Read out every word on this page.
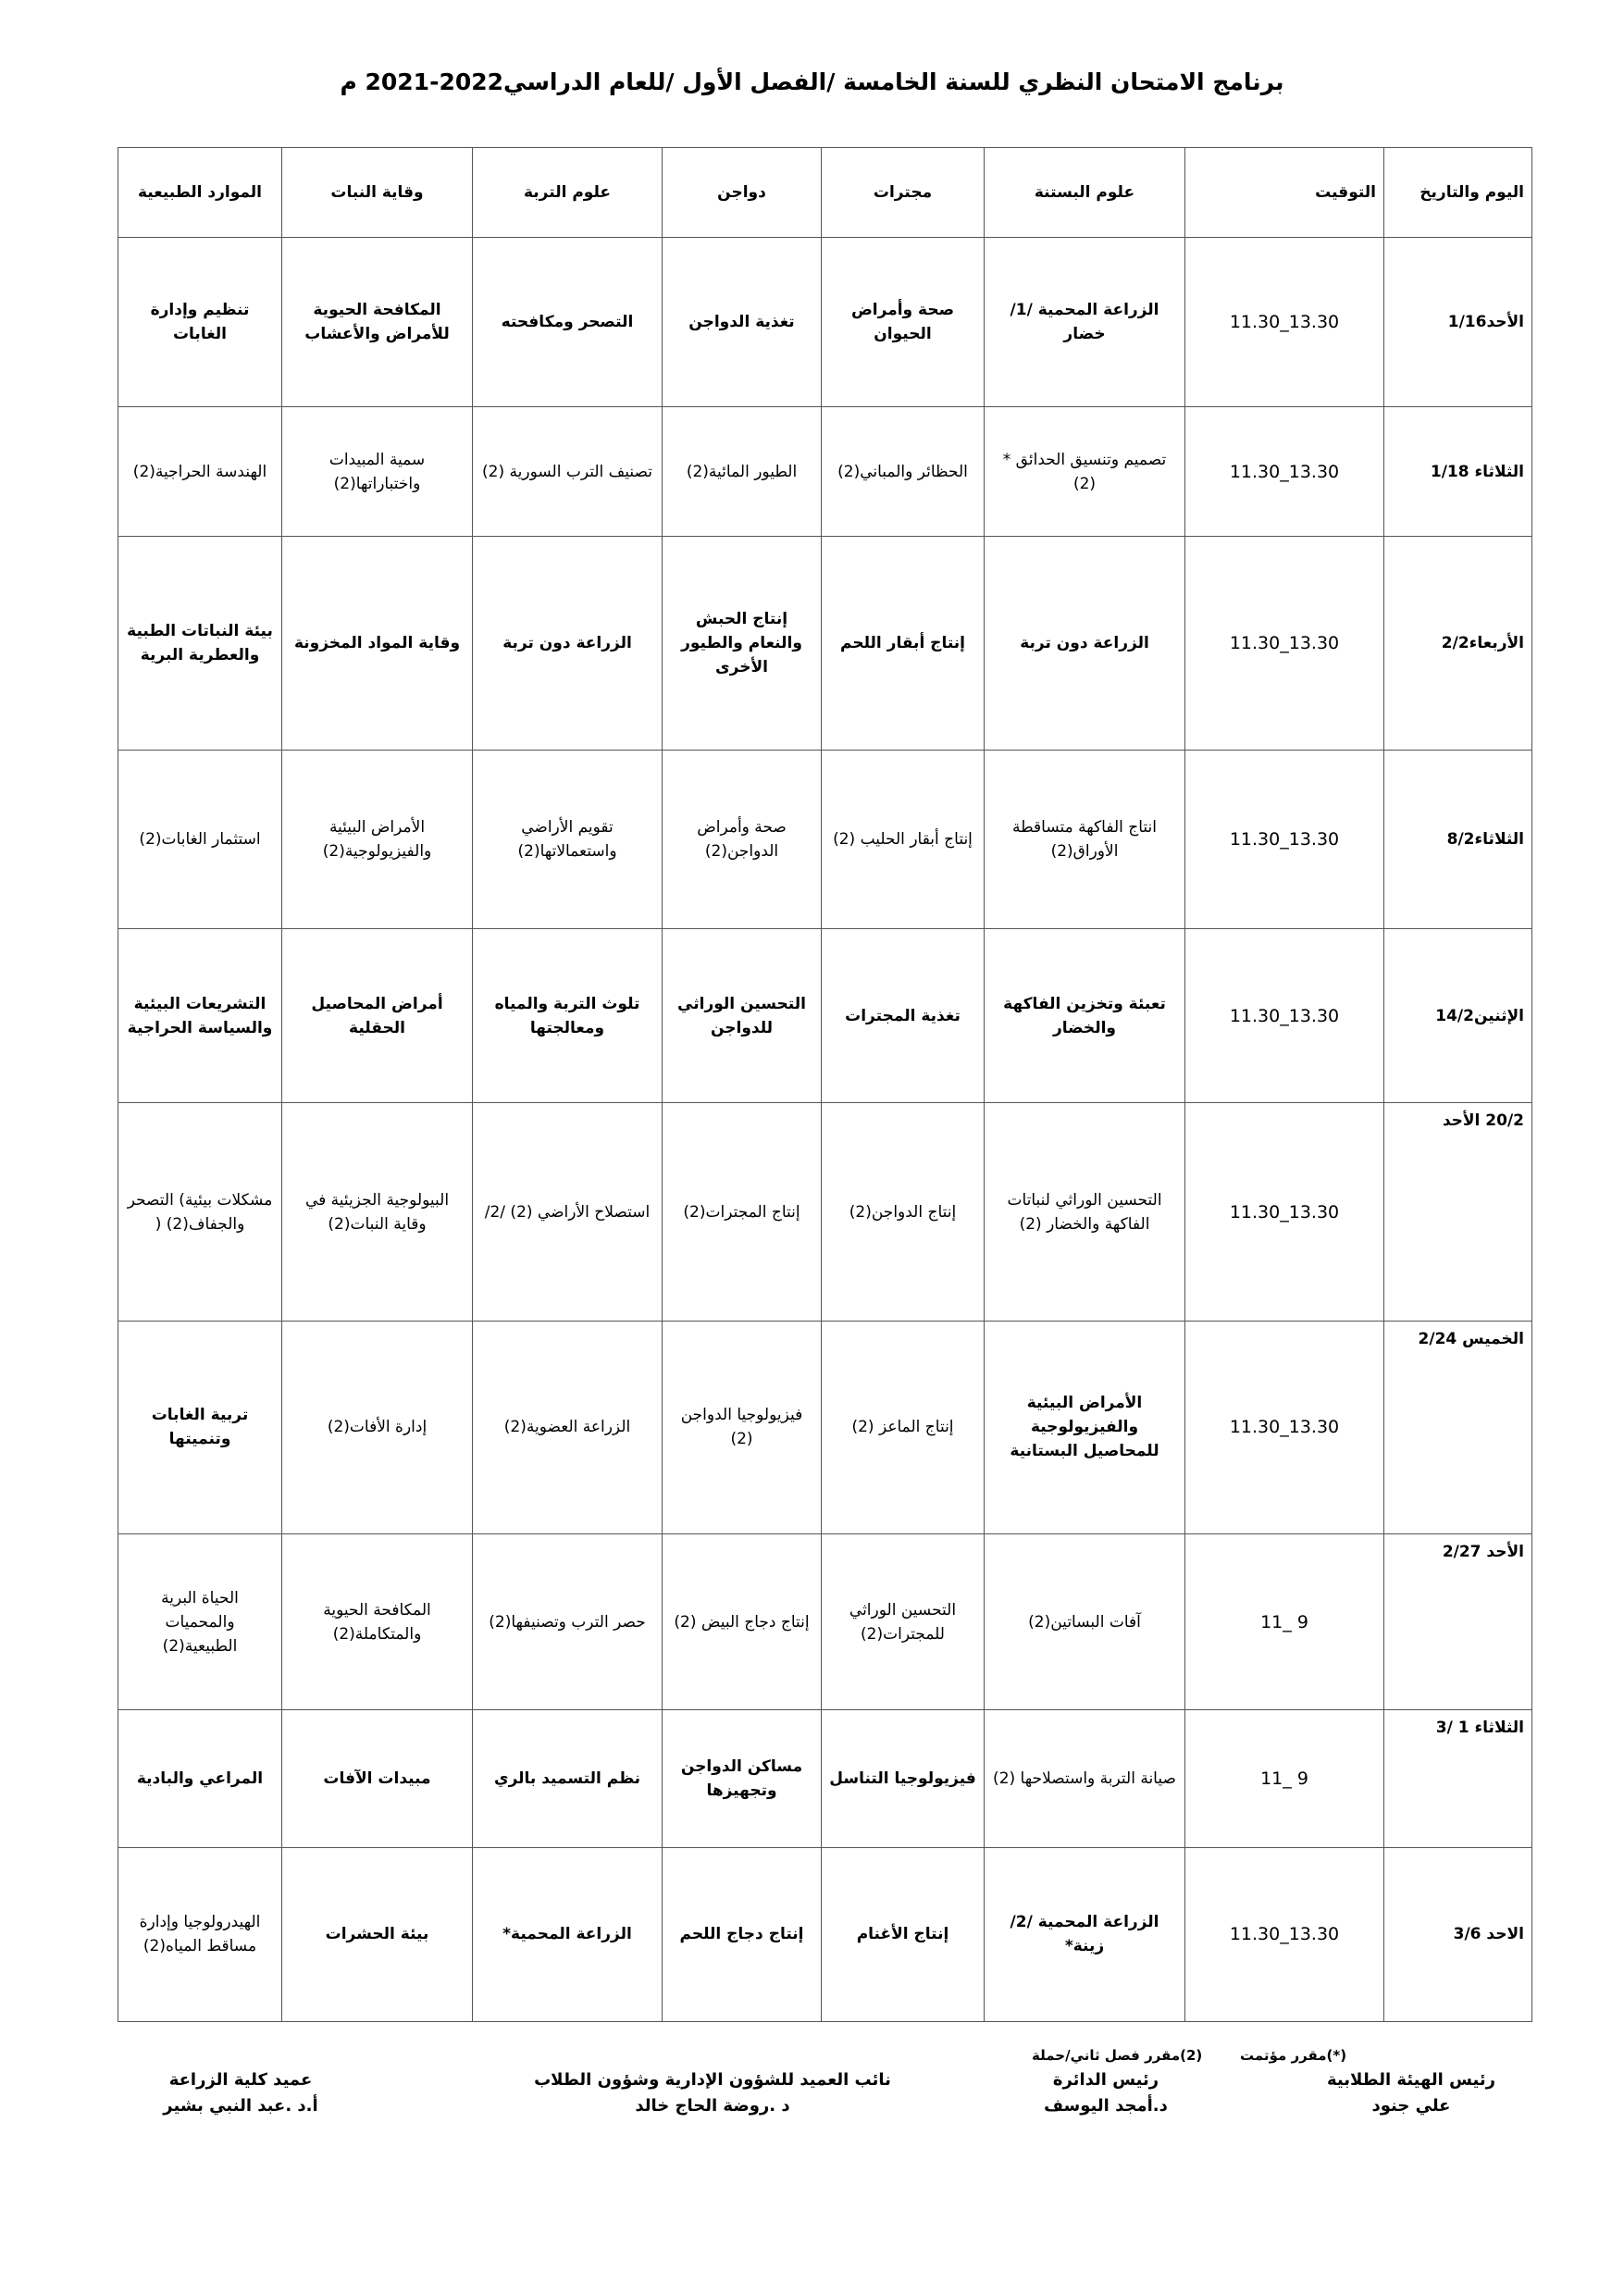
برنامج الامتحان النظري للسنة الخامسة /الفصل الأول /للعام الدراسي2022-2021 م
اليوم والتاريخ	التوقيت	علوم البستنة	مجترات	دواجن	علوم التربة	وقاية النبات	الموارد الطبيعية
الأحد1/16	13.30_11.30	الزراعة المحمية /1/ خضار	صحة وأمراض الحيوان	تغذية الدواجن	التصحر ومكافحته	المكافحة الحيوية للأمراض والأعشاب	تنظيم وإدارة الغابات
الثلاثاء 1/18	13.30_11.30	تصميم وتنسيق الحدائق * (2)	الحظائر والمباني(2)	الطيور المائية(2)	تصنيف الترب السورية (2)	سمية المبيدات واختباراتها(2)	الهندسة الحراجية(2)
الأربعاء2/2	13.30_11.30	الزراعة دون تربة	إنتاج أبقار اللحم	إنتاج الحبش والنعام والطيور الأخرى	الزراعة دون تربة	وقاية المواد المخزونة	بيئة النباتات الطبية والعطرية البرية
الثلاثاء8/2	13.30_11.30	انتاج الفاكهة متساقطة الأوراق(2)	إنتاج أبقار الحليب (2)	صحة وأمراض الدواجن(2)	تقويم الأراضي واستعمالاتها(2)	الأمراض البيئية والفيزيولوجية(2)	استثمار الغابات(2)
الإثنين14/2	13.30_11.30	تعبئة وتخزين الفاكهة والخضار	تغذية المجترات	التحسين الوراثي للدواجن	تلوث التربة والمياه ومعالجتها	أمراض المحاصيل الحقلية	التشريعات البيئية والسياسة الحراجية
20/2 الأحد	13.30_11.30	التحسين الوراثي لنباتات الفاكهة والخضار (2)	إنتاج الدواجن(2)	إنتاج المجترات(2)	استصلاح الأراضي (2) /2/	البيولوجية الجزيئية في وقاية النبات(2)	مشكلات بيئية) التصحر والجفاف(2) (
الخميس 2/24	13.30_11.30	الأمراض البيئية والفيزيولوجية للمحاصيل البستانية	إنتاج الماعز (2)	فيزيولوجيا الدواجن (2)	الزراعة العضوية(2)	إدارة الأفات(2)	تربية الغابات وتنميتها
الأحد 2/27	9 _11	آفات البساتين(2)	التحسين الوراثي للمجترات(2)	إنتاج دجاج البيض (2)	حصر الترب وتصنيفها(2)	المكافحة الحيوية والمتكاملة(2)	الحياة البرية والمحميات الطبيعية(2)
الثلاثاء 1 /3	9 _11	صيانة التربة واستصلاحها (2)	فيزيولوجيا التناسل	مساكن الدواجن وتجهيزها	نظم التسميد بالري	مبيدات الآفات	المراعي والبادية
الاحد 3/6	13.30_11.30	الزراعة المحمية /2/ زينة*	إنتاج الأغنام	إنتاج دجاج اللحم	الزراعة المحمية*	بيئة الحشرات	الهيدرولوجيا وإدارة مساقط المياه(2)
(*)مقرر مؤتمت
(2)مقرر فصل ثاني/حملة
رئيس الهيئة الطلابية
علي جنود
رئيس الدائرة
د.أمجد اليوسف
نائب العميد للشؤون الإدارية وشؤون الطلاب
د .روضة الحاج خالد
عميد كلية الزراعة
أ.د .عبد النبي بشير
